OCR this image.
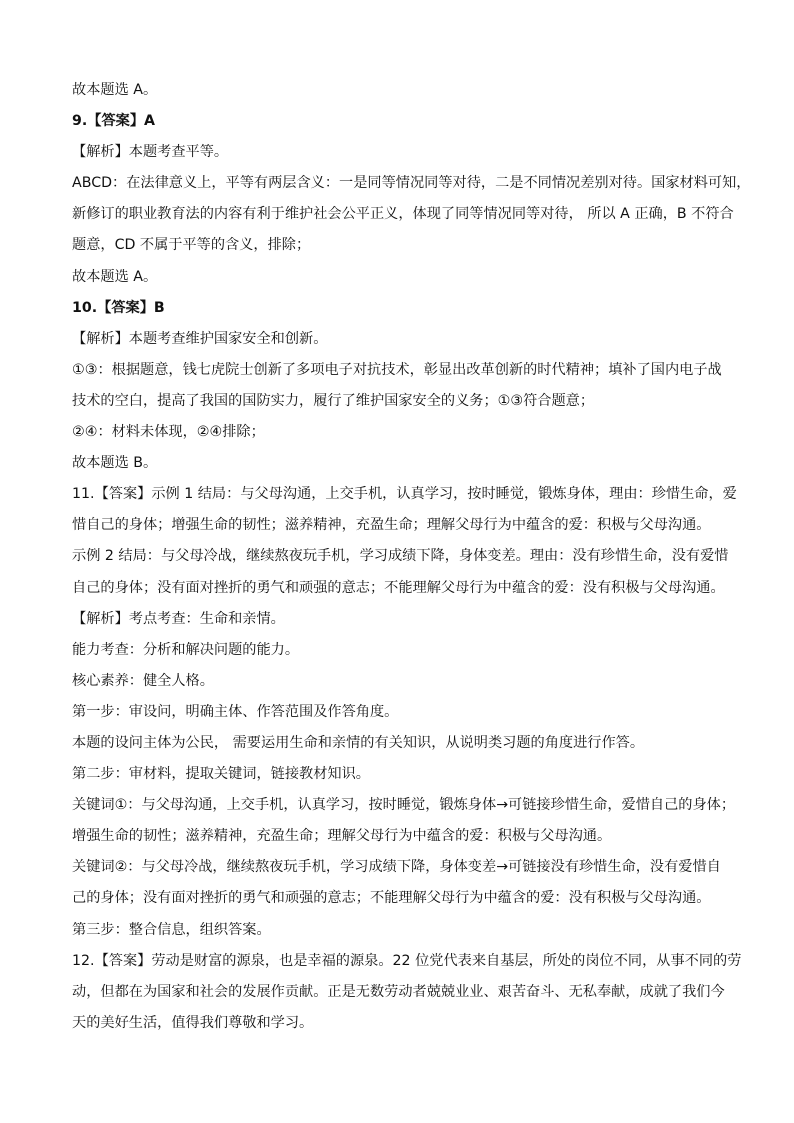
故本题选 A。
9.【答案】A
【解析】本题考查平等。
ABCD：在法律意义上，平等有两层含义：一是同等情况同等对待，二是不同情况差别对待。国家材料可知，
新修订的职业教育法的内容有利于维护社会公平正义，体现了同等情况同等对待， 所以 A 正确，B 不符合
题意，CD 不属于平等的含义，排除；
故本题选 A。
10.【答案】B
【解析】本题考查维护国家安全和创新。
①③：根据题意，钱七虎院士创新了多项电子对抗技术，彰显出改革创新的时代精神；填补了国内电子战
技术的空白，提高了我国的国防实力，履行了维护国家安全的义务；①③符合题意；
②④：材料未体现，②④排除；
故本题选 B。
11.【答案】示例 1 结局：与父母沟通，上交手机，认真学习，按时睡觉，锻炼身体，理由：珍惜生命，爱
惜自己的身体；增强生命的韧性；滋养精神，充盈生命；理解父母行为中蕴含的爱：积极与父母沟通。
示例 2 结局：与父母冷战，继续熬夜玩手机，学习成绩下降，身体变差。理由：没有珍惜生命，没有爱惜
自己的身体；没有面对挫折的勇气和顽强的意志；不能理解父母行为中蕴含的爱：没有积极与父母沟通。
【解析】考点考查：生命和亲情。
能力考查：分析和解决问题的能力。
核心素养：健全人格。
第一步：审设问，明确主体、作答范围及作答角度。
本题的设问主体为公民， 需要运用生命和亲情的有关知识，从说明类习题的角度进行作答。
第二步：审材料，提取关键词，链接教材知识。
关键词①：与父母沟通，上交手机，认真学习，按时睡觉，锻炼身体→可链接珍惜生命，爱惜自己的身体；
增强生命的韧性；滋养精神，充盈生命；理解父母行为中蕴含的爱：积极与父母沟通。
关键词②：与父母冷战，继续熬夜玩手机，学习成绩下降，身体变差→可链接没有珍惜生命，没有爱惜自
己的身体；没有面对挫折的勇气和顽强的意志；不能理解父母行为中蕴含的爱：没有积极与父母沟通。
第三步：整合信息，组织答案。
12.【答案】劳动是财富的源泉，也是幸福的源泉。22 位党代表来自基层，所处的岗位不同，从事不同的劳
动，但都在为国家和社会的发展作贡献。正是无数劳动者兢兢业业、艰苦奋斗、无私奉献，成就了我们今
天的美好生活，值得我们尊敬和学习。
